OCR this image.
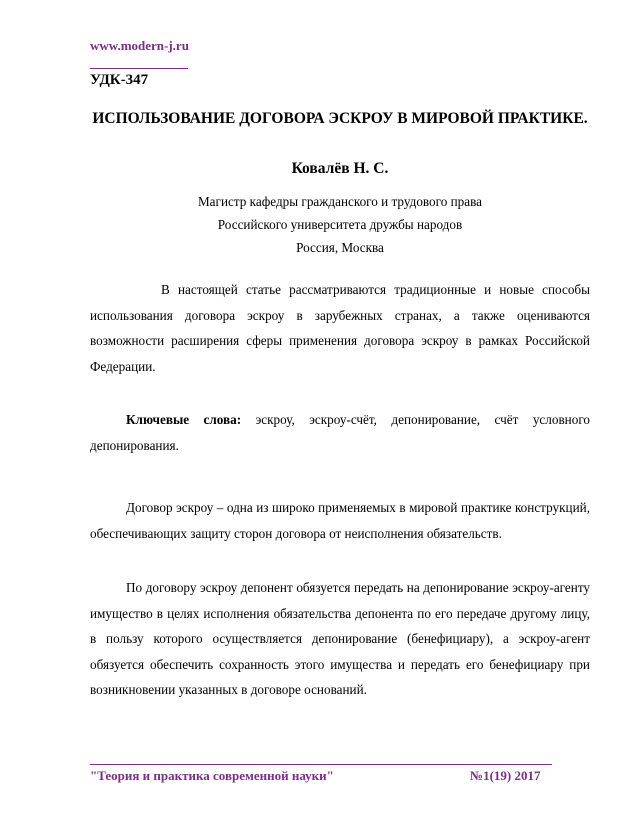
www.modern-j.ru
УДК-347
ИСПОЛЬЗОВАНИЕ ДОГОВОРА ЭСКРОУ В МИРОВОЙ ПРАКТИКЕ.
Ковалёв Н. С.
Магистр кафедры гражданского и трудового права
Российского университета дружбы народов
Россия, Москва

В настоящей статье рассматриваются традиционные и новые способы использования договора эскроу в зарубежных странах, а также оцениваются возможности расширения сферы применения договора эскроу в рамках Российской Федерации.

Ключевые слова: эскроу, эскроу-счёт, депонирование, счёт условного депонирования.

Договор эскроу – одна из широко применяемых в мировой практике конструкций, обеспечивающих защиту сторон договора от неисполнения обязательств.

По договору эскроу депонент обязуется передать на депонирование эскроу-агенту имущество в целях исполнения обязательства депонента по его передаче другому лицу, в пользу которого осуществляется депонирование (бенефициару), а эскроу-агент обязуется обеспечить сохранность этого имущества и передать его бенефициару при возникновении указанных в договоре оснований.

"Теория и практика современной науки"	№1(19) 2017
